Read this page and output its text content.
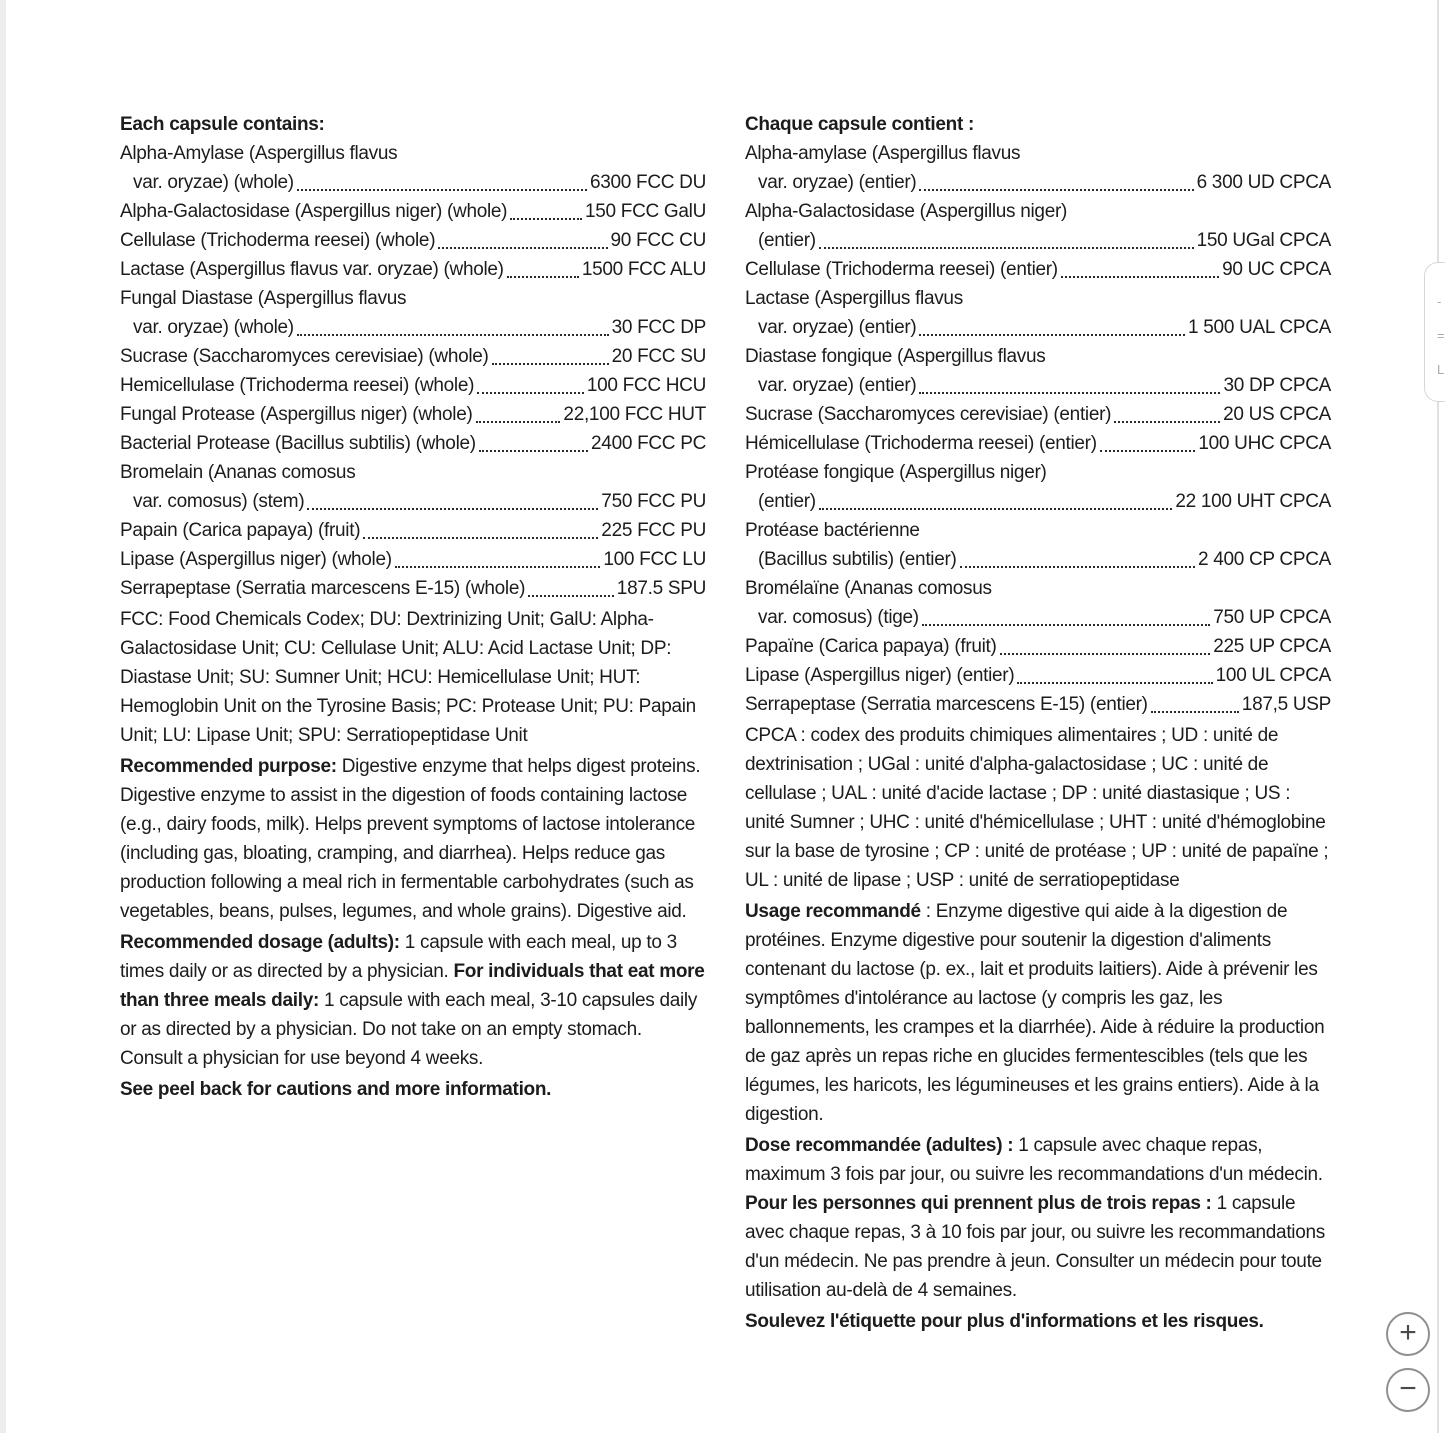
Each capsule contains:
Alpha-Amylase (Aspergillus flavus
var. oryzae) (whole)	6300 FCC DU
Alpha-Galactosidase (Aspergillus niger) (whole)	150 FCC GalU
Cellulase (Trichoderma reesei) (whole)	90 FCC CU
Lactase (Aspergillus flavus var. oryzae) (whole)	1500 FCC ALU
Fungal Diastase (Aspergillus flavus
var. oryzae) (whole)	30 FCC DP
Sucrase (Saccharomyces cerevisiae) (whole)	20 FCC SU
Hemicellulase (Trichoderma reesei) (whole)	100 FCC HCU
Fungal Protease (Aspergillus niger) (whole)	22,100 FCC HUT
Bacterial Protease (Bacillus subtilis) (whole)	2400 FCC PC
Bromelain (Ananas comosus
var. comosus) (stem)	750 FCC PU
Papain (Carica papaya) (fruit)	225 FCC PU
Lipase (Aspergillus niger) (whole)	100 FCC LU
Serrapeptase (Serratia marcescens E-15) (whole)	187.5 SPU

FCC: Food Chemicals Codex; DU: Dextrinizing Unit; GalU: Alpha-Galactosidase Unit; CU: Cellulase Unit; ALU: Acid Lactase Unit; DP: Diastase Unit; SU: Sumner Unit; HCU: Hemicellulase Unit; HUT: Hemoglobin Unit on the Tyrosine Basis; PC: Protease Unit; PU: Papain Unit; LU: Lipase Unit; SPU: Serratiopeptidase Unit

Recommended purpose: Digestive enzyme that helps digest proteins. Digestive enzyme to assist in the digestion of foods containing lactose (e.g., dairy foods, milk). Helps prevent symptoms of lactose intolerance (including gas, bloating, cramping, and diarrhea). Helps reduce gas production following a meal rich in fermentable carbohydrates (such as vegetables, beans, pulses, legumes, and whole grains). Digestive aid.

Recommended dosage (adults): 1 capsule with each meal, up to 3 times daily or as directed by a physician. For individuals that eat more than three meals daily: 1 capsule with each meal, 3-10 capsules daily or as directed by a physician. Do not take on an empty stomach. Consult a physician for use beyond 4 weeks.

See peel back for cautions and more information.

Chaque capsule contient :
Alpha-amylase (Aspergillus flavus
var. oryzae) (entier)	6 300 UD CPCA
Alpha-Galactosidase (Aspergillus niger)
(entier)	150 UGal CPCA
Cellulase (Trichoderma reesei) (entier)	90 UC CPCA
Lactase (Aspergillus flavus
var. oryzae) (entier)	1 500 UAL CPCA
Diastase fongique (Aspergillus flavus
var. oryzae) (entier)	30 DP CPCA
Sucrase (Saccharomyces cerevisiae) (entier)	20 US CPCA
Hémicellulase (Trichoderma reesei) (entier)	100 UHC CPCA
Protéase fongique (Aspergillus niger)
(entier)	22 100 UHT CPCA
Protéase bactérienne
(Bacillus subtilis) (entier)	2 400 CP CPCA
Bromélaïne (Ananas comosus
var. comosus) (tige)	750 UP CPCA
Papaïne (Carica papaya) (fruit)	225 UP CPCA
Lipase (Aspergillus niger) (entier)	100 UL CPCA
Serrapeptase (Serratia marcescens E-15) (entier)	187,5 USP

CPCA : codex des produits chimiques alimentaires ; UD : unité de dextrinisation ; UGal : unité d'alpha-galactosidase ; UC : unité de cellulase ; UAL : unité d'acide lactase ; DP : unité diastasique ; US : unité Sumner ; UHC : unité d'hémicellulase ; UHT : unité d'hémoglobine sur la base de tyrosine ; CP : unité de protéase ; UP : unité de papaïne ; UL : unité de lipase ; USP : unité de serratiopeptidase

Usage recommandé : Enzyme digestive qui aide à la digestion de protéines. Enzyme digestive pour soutenir la digestion d'aliments contenant du lactose (p. ex., lait et produits laitiers). Aide à prévenir les symptômes d'intolérance au lactose (y compris les gaz, les ballonnements, les crampes et la diarrhée). Aide à réduire la production de gaz après un repas riche en glucides fermentescibles (tels que les légumes, les haricots, les légumineuses et les grains entiers). Aide à la digestion.

Dose recommandée (adultes) : 1 capsule avec chaque repas, maximum 3 fois par jour, ou suivre les recommandations d'un médecin. Pour les personnes qui prennent plus de trois repas : 1 capsule avec chaque repas, 3 à 10 fois par jour, ou suivre les recommandations d'un médecin. Ne pas prendre à jeun. Consulter un médecin pour toute utilisation au-delà de 4 semaines.

Soulevez l'étiquette pour plus d'informations et les risques.

-
=
L
+
−
